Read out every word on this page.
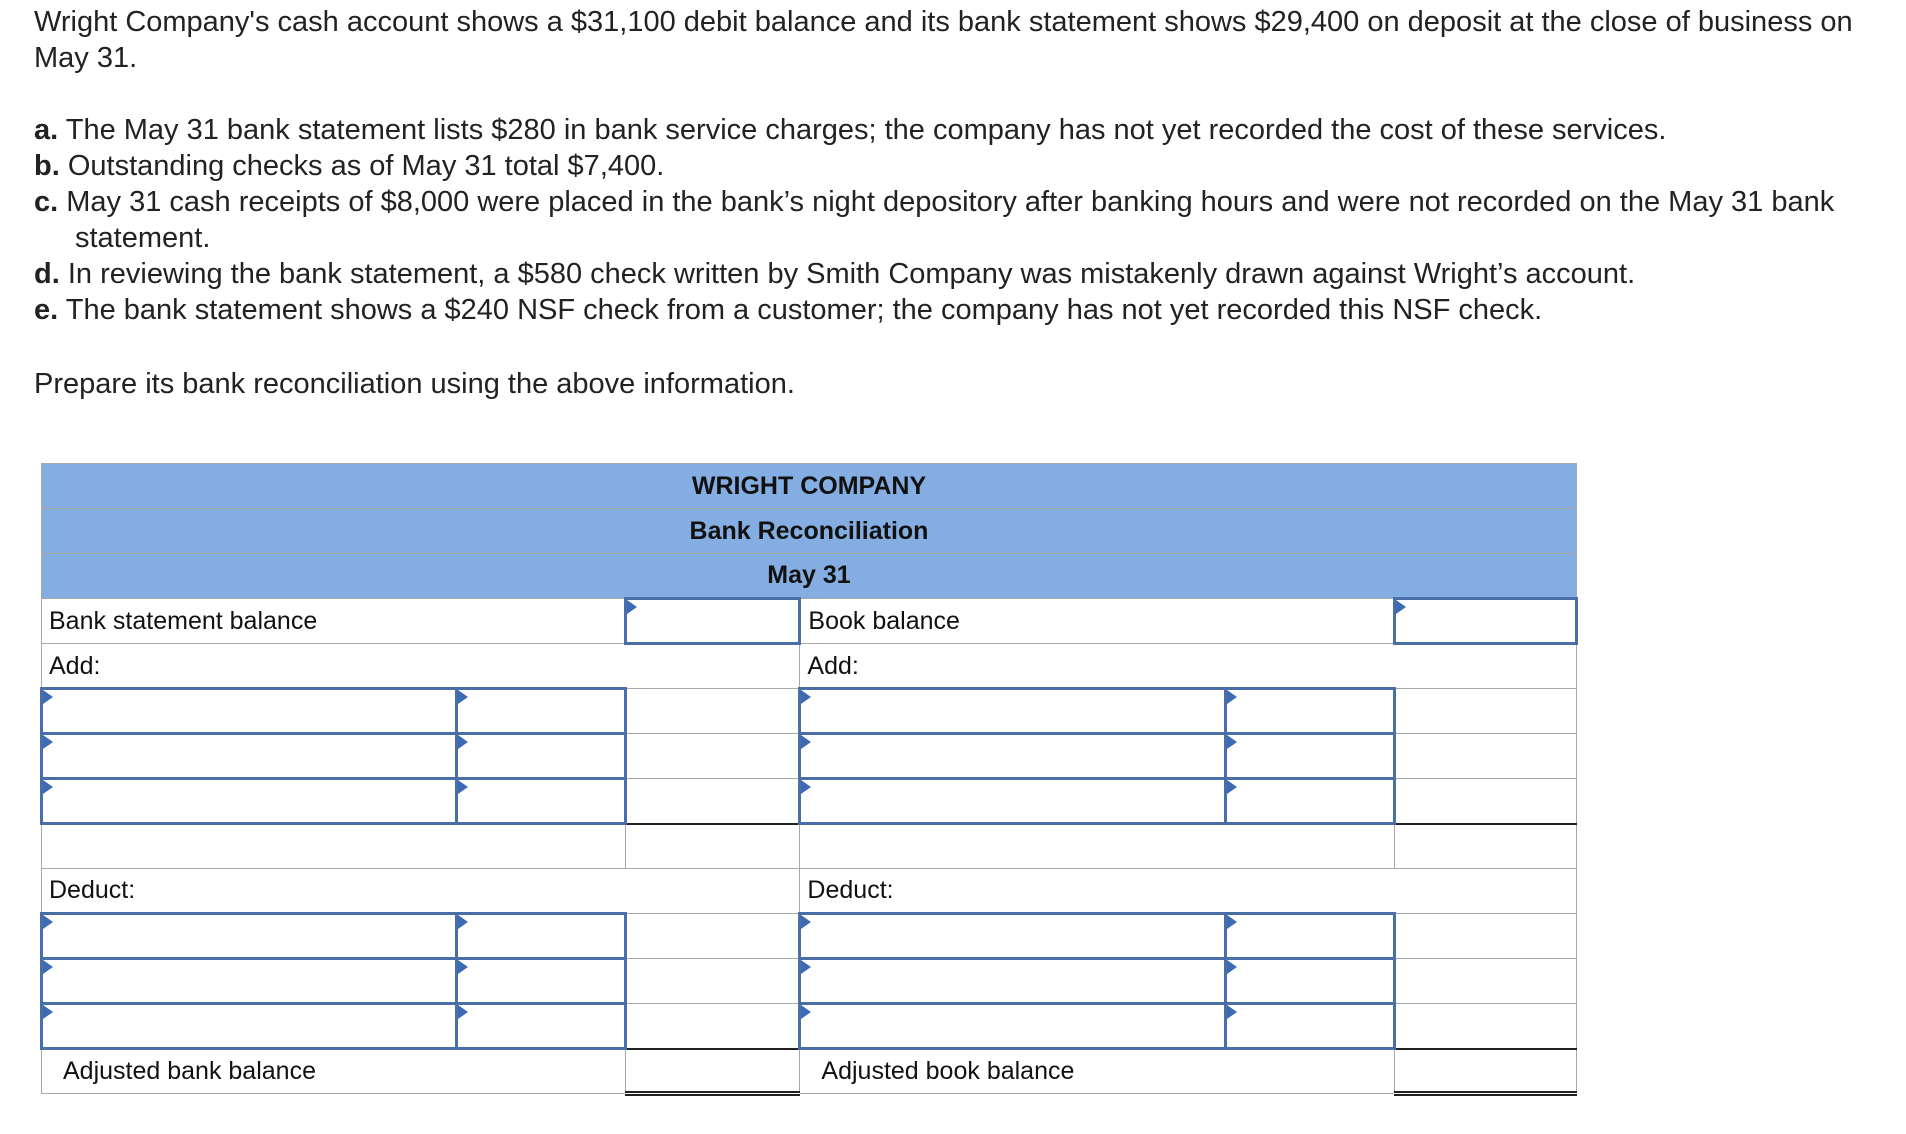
Wright Company's cash account shows a $31,100 debit balance and its bank statement shows $29,400 on deposit at the close of business on May 31.

a. The May 31 bank statement lists $280 in bank service charges; the company has not yet recorded the cost of these services.
b. Outstanding checks as of May 31 total $7,400.
c. May 31 cash receipts of $8,000 were placed in the bank’s night depository after banking hours and were not recorded on the May 31 bank statement.
d. In reviewing the bank statement, a $580 check written by Smith Company was mistakenly drawn against Wright’s account.
e. The bank statement shows a $240 NSF check from a customer; the company has not yet recorded this NSF check.

Prepare its bank reconciliation using the above information.

WRIGHT COMPANY					
Bank Reconciliation					
May 31					
Bank statement balance			Book balance	
Add:			Add:		

Deduct:			Deduct:		

Adjusted bank balance			Adjusted book balance		
